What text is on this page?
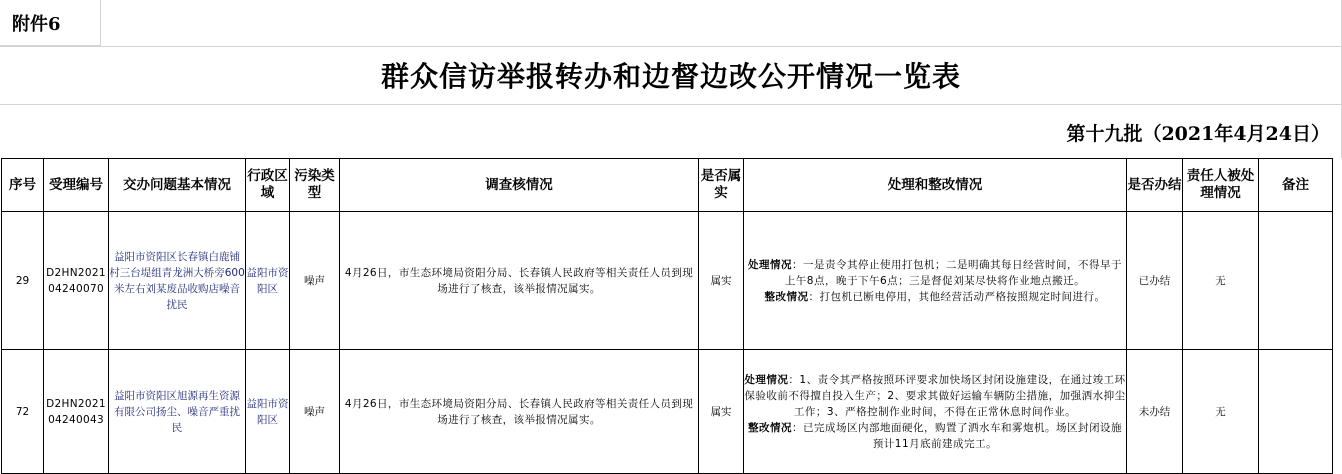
附件6
群众信访举报转办和边督边改公开情况一览表
第十九批（2021年4月24日）
序号	受理编号	交办问题基本情况	行政区域	污染类型	调查核情况	是否属实	处理和整改情况	是否办结	责任人被处理情况	备注
29	D2HN202104240070	益阳市资阳区长春镇白鹿铺村三台堤组青龙洲大桥旁600米左右刘某废品收购店噪音扰民	益阳市资阳区	噪声	4月26日，市生态环境局资阳分局、长春镇人民政府等相关责任人员到现场进行了核查，该举报情况属实。	属实	处理情况：一是责令其停止使用打包机；二是明确其每日经营时间，不得早于上午8点，晚于下午6点；三是督促刘某尽快将作业地点搬迁。
整改情况：打包机已断电停用，其他经营活动严格按照规定时间进行。	已办结	无	
72	D2HN202104240043	益阳市资阳区旭源再生资源有限公司扬尘、噪音严重扰民	益阳市资阳区	噪声	4月26日，市生态环境局资阳分局、长春镇人民政府等相关责任人员到现场进行了核查，该举报情况属实。	属实	处理情况：1、责令其严格按照环评要求加快场区封闭设施建设，在通过竣工环保验收前不得擅自投入生产；2、要求其做好运输车辆防尘措施，加强洒水抑尘工作；3、严格控制作业时间，不得在正常休息时间作业。
整改情况：已完成场区内部地面硬化，购置了洒水车和雾炮机。场区封闭设施预计11月底前建成完工。	未办结	无	
